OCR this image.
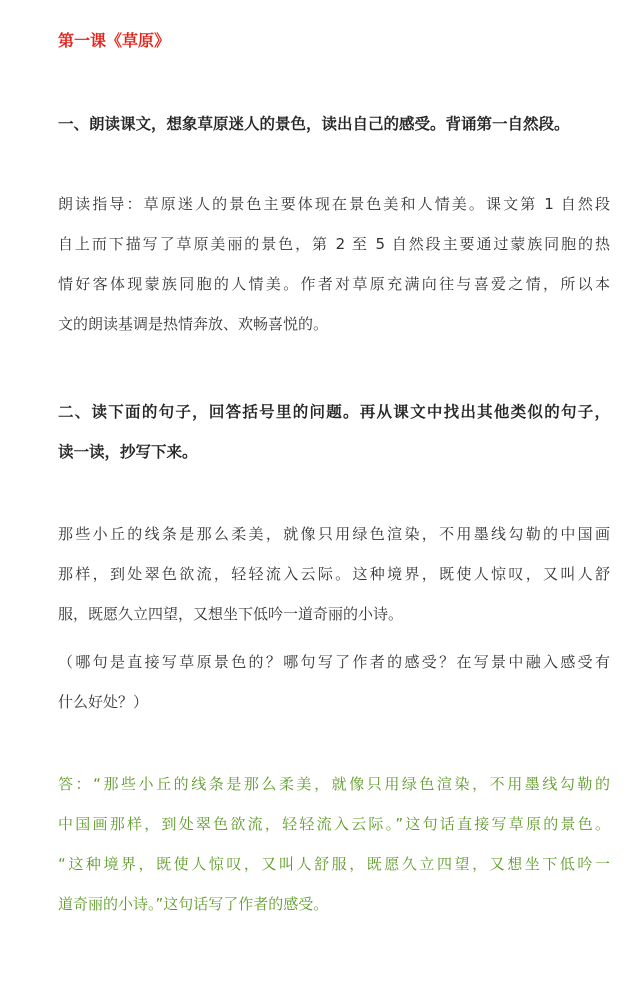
第一课《草原》
一、朗读课文，想象草原迷人的景色，读出自己的感受。背诵第一自然段。
朗读指导：草原迷人的景色主要体现在景色美和人情美。课文第 1 自然段
自上而下描写了草原美丽的景色，第 2 至 5 自然段主要通过蒙族同胞的热
情好客体现蒙族同胞的人情美。作者对草原充满向往与喜爱之情，所以本
文的朗读基调是热情奔放、欢畅喜悦的。
二、读下面的句子，回答括号里的问题。再从课文中找出其他类似的句子，
读一读，抄写下来。
那些小丘的线条是那么柔美，就像只用绿色渲染，不用墨线勾勒的中国画
那样，到处翠色欲流，轻轻流入云际。这种境界，既使人惊叹，又叫人舒
服，既愿久立四望，又想坐下低吟一道奇丽的小诗。
（哪句是直接写草原景色的？哪句写了作者的感受？在写景中融入感受有
什么好处？）
答：“那些小丘的线条是那么柔美，就像只用绿色渲染，不用墨线勾勒的
中国画那样，到处翠色欲流，轻轻流入云际。”这句话直接写草原的景色。
“这种境界，既使人惊叹，又叫人舒服，既愿久立四望，又想坐下低吟一
道奇丽的小诗。”这句话写了作者的感受。
